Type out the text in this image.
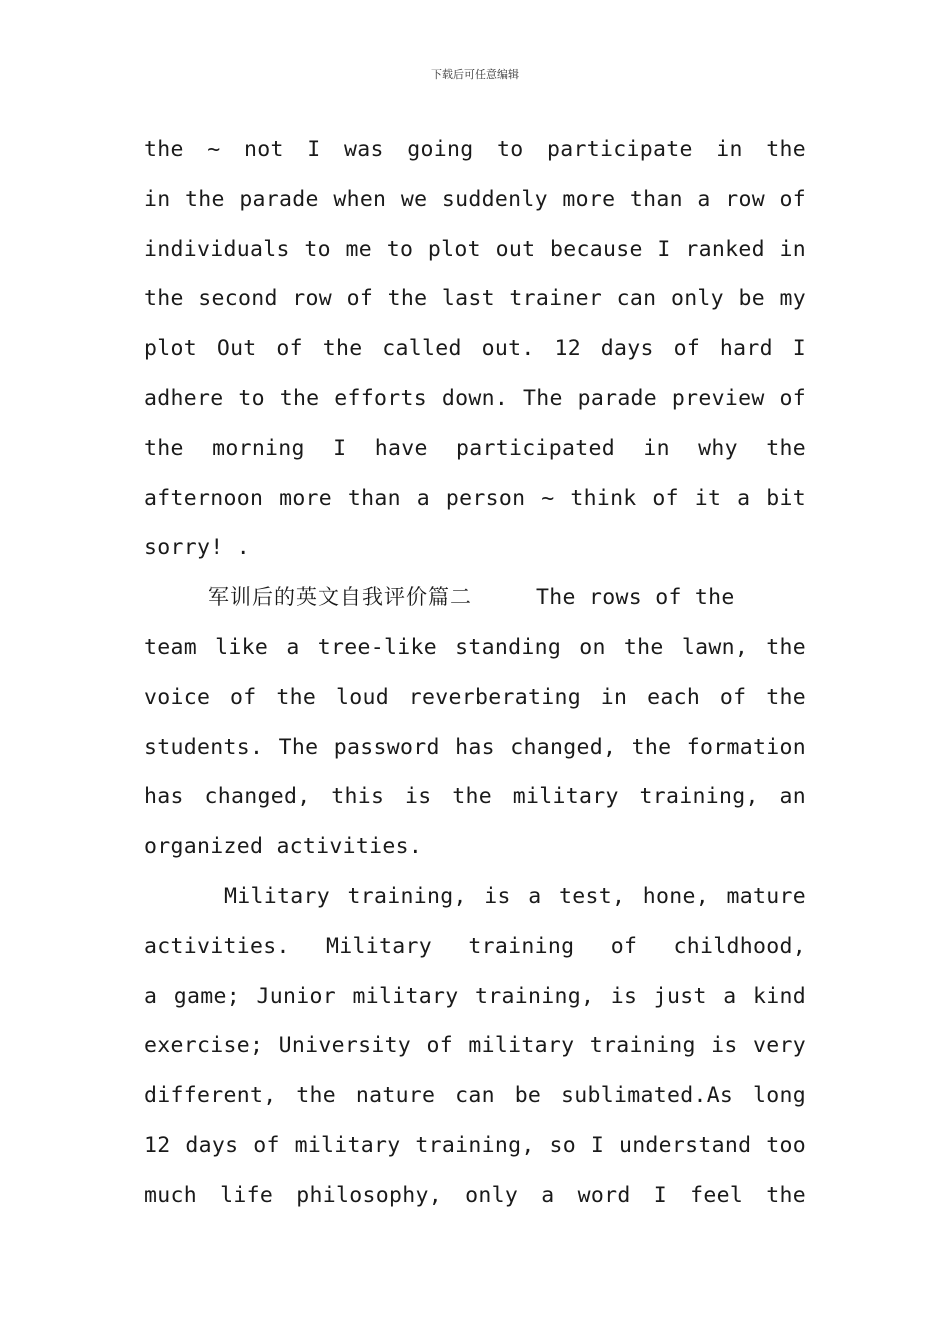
下载后可任意编辑
the ~ not I was going to participate in the
in the parade when we suddenly more than a row of
individuals to me to plot out because I ranked in
the second row of the last trainer can only be my
plot Out of the called out. 12 days of hard I
adhere to the efforts down. The parade preview of
the morning I have participated in why the
afternoon more than a person ~ think of it a bit
sorry! .
军训后的英文自我评价篇二	The rows of the
team like a tree-like standing on the lawn, the
voice of the loud reverberating in each of the
students. The password has changed, the formation
has changed, this is the military training, an
organized activities.
Military training, is a test, hone, mature
activities. Military training of childhood,
a game; Junior military training, is just a kind
exercise; University of military training is very
different, the nature can be sublimated.As long
12 days of military training, so I understand too
much life philosophy, only a word I feel the
